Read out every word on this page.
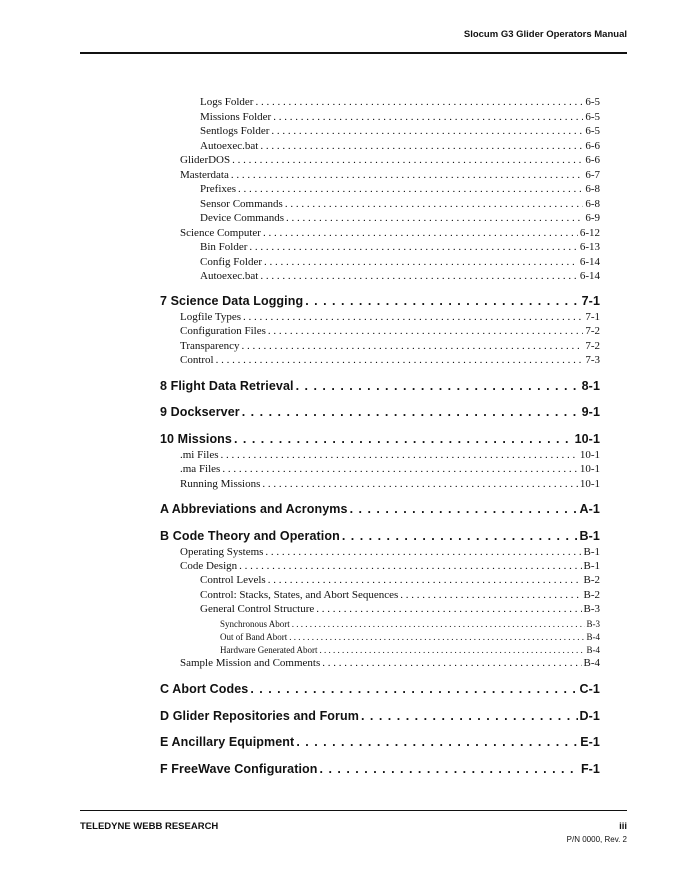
Slocum G3 Glider Operators Manual
Logs Folder . . .	6-5
Missions Folder . . .	6-5
Sentlogs Folder . . .	6-5
Autoexec.bat . . .	6-6
GliderDOS . . .	6-6
Masterdata . . .	6-7
Prefixes . . .	6-8
Sensor Commands . . .	6-8
Device Commands . . .	6-9
Science Computer . . .	6-12
Bin Folder . . .	6-13
Config Folder . . .	6-14
Autoexec.bat . . .	6-14
7 Science Data Logging . . .	7-1
Logfile Types . . .	7-1
Configuration Files . . .	7-2
Transparency . . .	7-2
Control . . .	7-3
8 Flight Data Retrieval . . .	8-1
9 Dockserver . . .	9-1
10 Missions . . .	10-1
.mi Files . . .	10-1
.ma Files . . .	10-1
Running Missions . . .	10-1
A Abbreviations and Acronyms . . .	A-1
B Code Theory and Operation . . .	B-1
Operating Systems . . .	B-1
Code Design . . .	B-1
Control Levels . . .	B-2
Control: Stacks, States, and Abort Sequences . . .	B-2
General Control Structure . . .	B-3
Synchronous Abort . . .	B-3
Out of Band Abort . . .	B-4
Hardware Generated Abort . . .	B-4
Sample Mission and Comments . . .	B-4
C Abort Codes . . .	C-1
D Glider Repositories and Forum . . .	D-1
E Ancillary Equipment . . .	E-1
F FreeWave Configuration . . .	F-1
TELEDYNE WEBB RESEARCH	iii
P/N 0000, Rev. 2
